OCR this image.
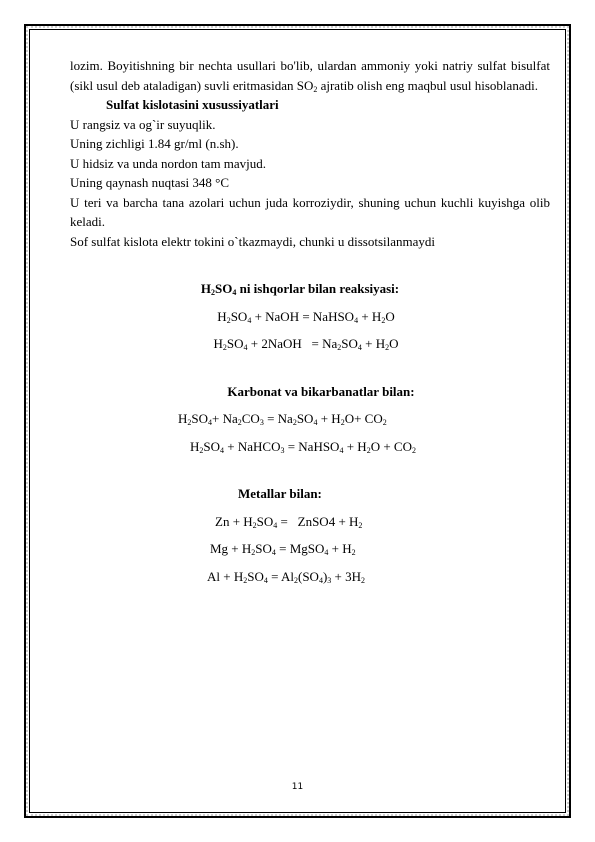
lozim. Boyitishning bir nechta usullari bo'lib, ulardan ammoniy yoki natriy sulfat bisulfat (sikl usul deb ataladigan) suvli eritmasidan $SO_2$ ajratib olish eng maqbul usul hisoblanadi.

Sulfat kislotasini xusussiyatlari

U rangsiz va og`ir suyuqlik.

Uning zichligi 1.84 gr/ml (n.sh).

U hidsiz va unda nordon tam mavjud.

Uning qaynash nuqtasi 348 °C

U teri va barcha tana azolari uchun juda korroziydir, shuning uchun kuchli kuyishga olib keladi.

Sof sulfat kislota elektr tokini o`tkazmaydi, chunki u dissotsilanmaydi

$H_2SO_4$ ni ishqorlar bilan reaksiyasi:

$H_2SO_4$ + NaOH = NaHSO$_4$ + $H_2O$

$H_2SO_4$ + 2NaOH   = $Na_2SO_4 + H_2O$

Karbonat va bikarbanatlar bilan:

$H_2SO_4+ Na_2CO_3 = Na_2SO_4 + H_2O+ CO_2$

$H_2SO_4$ + NaHCO$_3$ = NaHSO$_4$ + $H_2O + CO_2$

Metallar bilan:

$Zn + H_2SO_4$ =   ZnSO4 + $H_2$

$Mg + H_2SO_4$ = MgSO$_4$ + $H_2$

$Al + H_2SO_4 = Al_2(SO_4)_3 + 3H_2$

11
